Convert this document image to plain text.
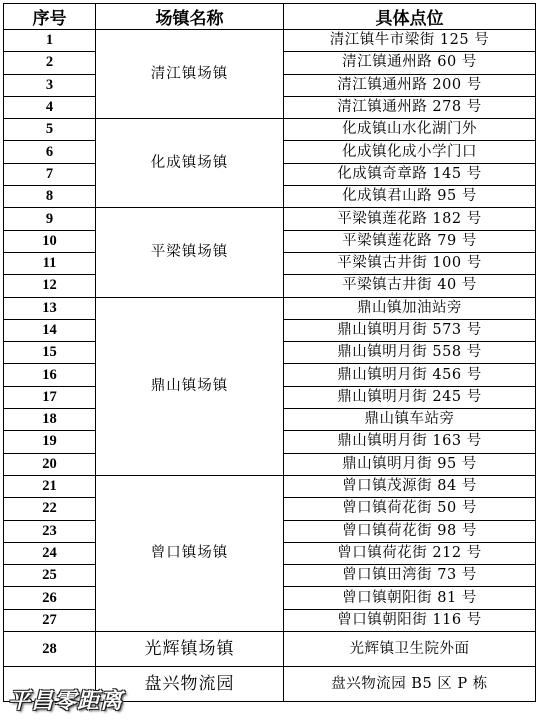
序号	场镇名称	具体点位
1	清江镇场镇	清江镇牛市梁街 125 号
2		清江镇通州路 60 号
3		清江镇通州路 200 号
4		清江镇通州路 278 号
5	化成镇场镇	化成镇山水化湖门外
6		化成镇化成小学门口
7		化成镇奇章路 145 号
8		化成镇君山路 95 号
9	平梁镇场镇	平梁镇莲花路 182 号
10		平梁镇莲花路 79 号
11		平梁镇古井街 100 号
12		平梁镇古井街 40 号
13	鼎山镇场镇	鼎山镇加油站旁
14		鼎山镇明月街 573 号
15		鼎山镇明月街 558 号
16		鼎山镇明月街 456 号
17		鼎山镇明月街 245 号
18		鼎山镇车站旁
19		鼎山镇明月街 163 号
20		鼎山镇明月街 95 号
21	曾口镇场镇	曾口镇茂源街 84 号
22		曾口镇荷花街 50 号
23		曾口镇荷花街 98 号
24		曾口镇荷花街 212 号
25		曾口镇田湾街 73 号
26		曾口镇朝阳街 81 号
27		曾口镇朝阳街 116 号
28	光辉镇场镇	光辉镇卫生院外面
	盘兴物流园	盘兴物流园 B5 区 P 栋
平昌零距离
